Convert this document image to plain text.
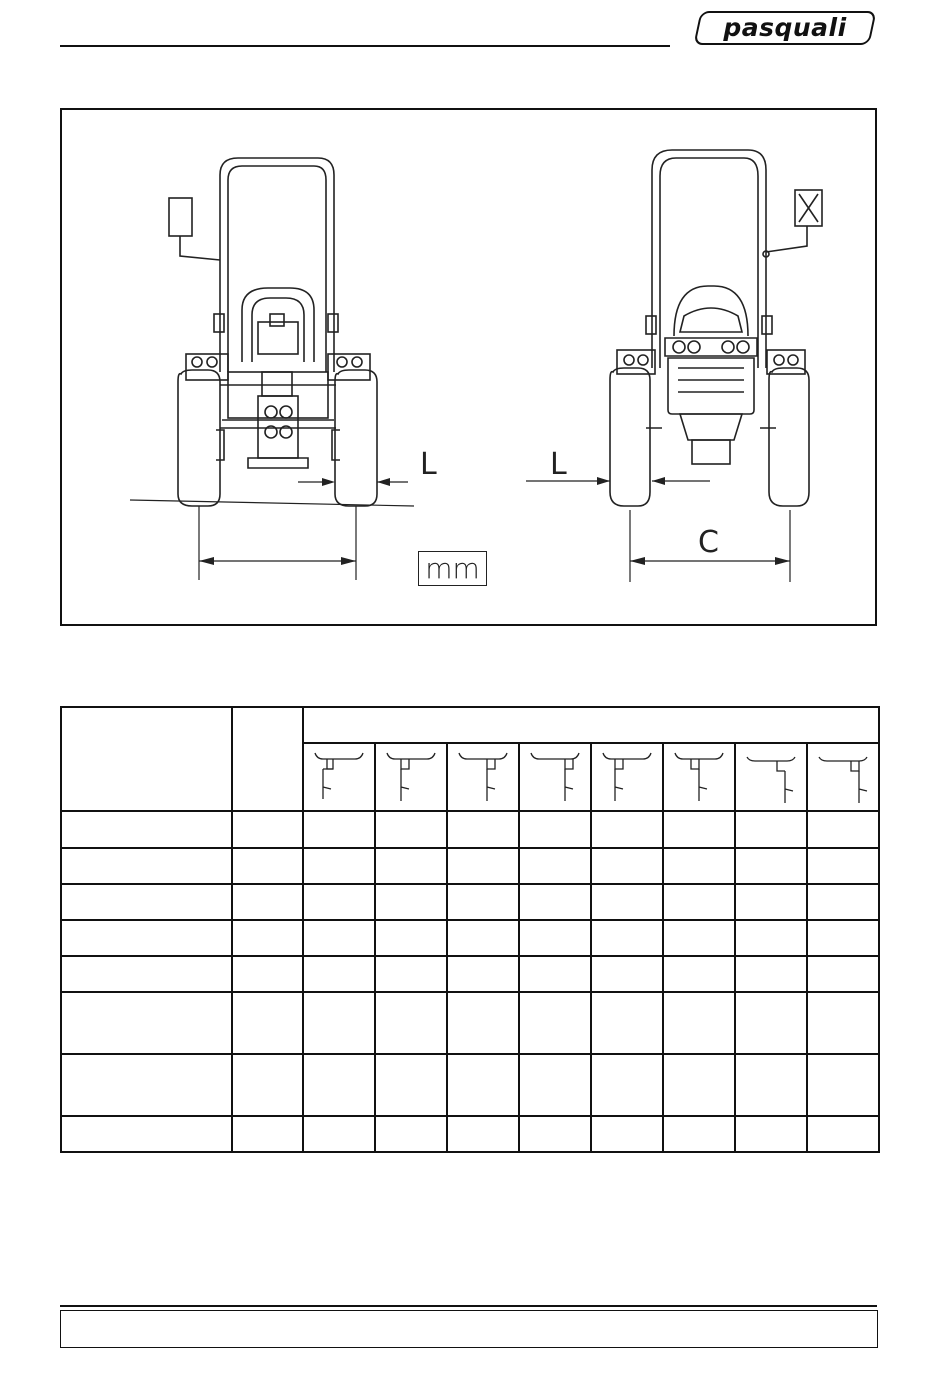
pasquali
L	L
C
mm
